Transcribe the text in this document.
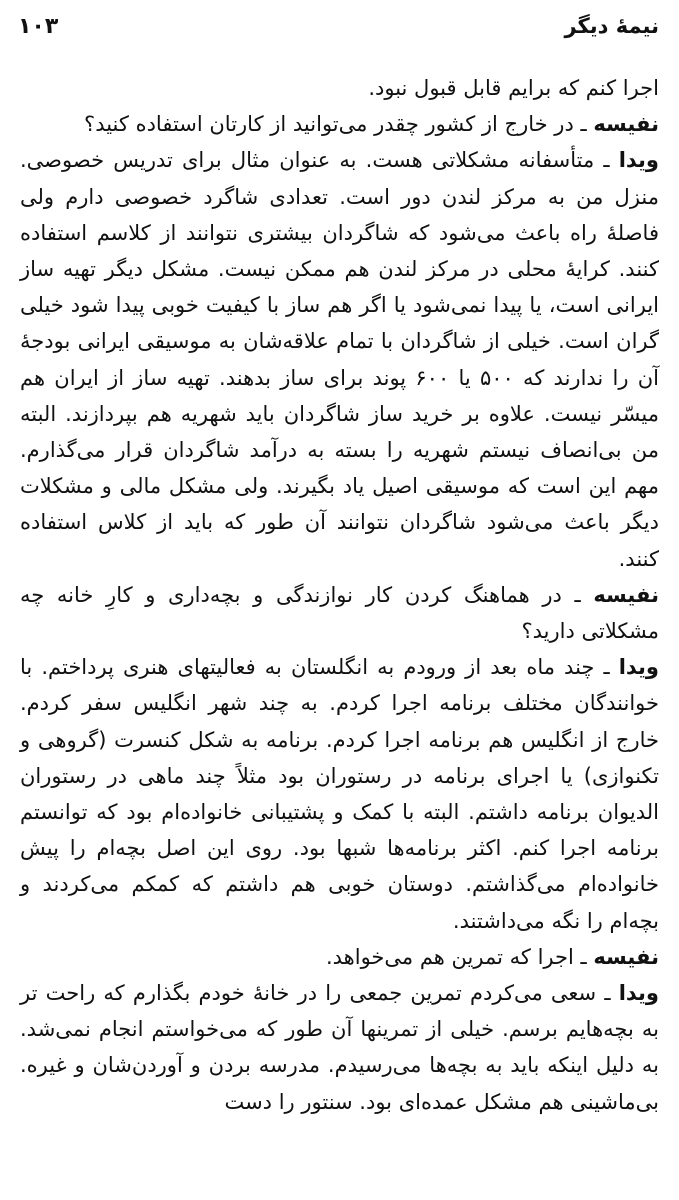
۱۰۳	نیمهٔ دیگر

اجرا کنم که برایم قابل قبول نبود.

نفیسه ـ در خارج از کشور چقدر می‌توانید از کارتان استفاده کنید؟

ویدا ـ متأسفانه مشکلاتی هست. به عنوان مثال برای تدریس خصوصی. منزل من به مرکز لندن دور است. تعدادی شاگرد خصوصی دارم ولی فاصلهٔ راه باعث می‌شود که شاگردان بیشتری نتوانند از کلاسم استفاده کنند. کرایهٔ محلی در مرکز لندن هم ممکن نیست. مشکل دیگر تهیه ساز ایرانی است، یا پیدا نمی‌شود یا اگر هم ساز با کیفیت خوبی پیدا شود خیلی گران است. خیلی از شاگردان با تمام علاقه‌شان به موسیقی ایرانی بودجهٔ آن را ندارند که ۵۰۰ یا ۶۰۰ پوند برای ساز بدهند. تهیه ساز از ایران هم میسّر نیست. علاوه بر خرید ساز شاگردان باید شهریه هم بپردازند. البته من بی‌انصاف نیستم شهریه را بسته به درآمد شاگردان قرار می‌گذارم. مهم این است که موسیقی اصیل یاد بگیرند. ولی مشکل مالی و مشکلات دیگر باعث می‌شود شاگردان نتوانند آن طور که باید از کلاس استفاده کنند.

نفیسه ـ در هماهنگ کردن کار نوازندگی و بچه‌داری و کارِ خانه چه مشکلاتی دارید؟

ویدا ـ چند ماه بعد از ورودم به انگلستان به فعالیتهای هنری پرداختم. با خوانندگان مختلف برنامه اجرا کردم. به چند شهر انگلیس سفر کردم. خارج از انگلیس هم برنامه اجرا کردم. برنامه به شکل کنسرت (گروهی و تکنوازی) یا اجرای برنامه در رستوران بود مثلاً چند ماهی در رستوران الدیوان برنامه داشتم. البته با کمک و پشتیبانی خانواده‌ام بود که توانستم برنامه اجرا کنم. اکثر برنامه‌ها شبها بود. روی این اصل بچه‌ام را پیش خانواده‌ام می‌گذاشتم. دوستان خوبی هم داشتم که کمکم می‌کردند و بچه‌ام را نگه می‌داشتند.

نفیسه ـ اجرا که تمرین هم می‌خواهد.

ویدا ـ سعی می‌کردم تمرین جمعی را در خانهٔ خودم بگذارم که راحت تر به بچه‌هایم برسم. خیلی از تمرینها آن طور که می‌خواستم انجام نمی‌شد. به دلیل اینکه باید به بچه‌ها می‌رسیدم. مدرسه بردن و آوردن‌شان و غیره. بی‌ماشینی هم مشکل عمده‌ای بود. سنتور را دست
